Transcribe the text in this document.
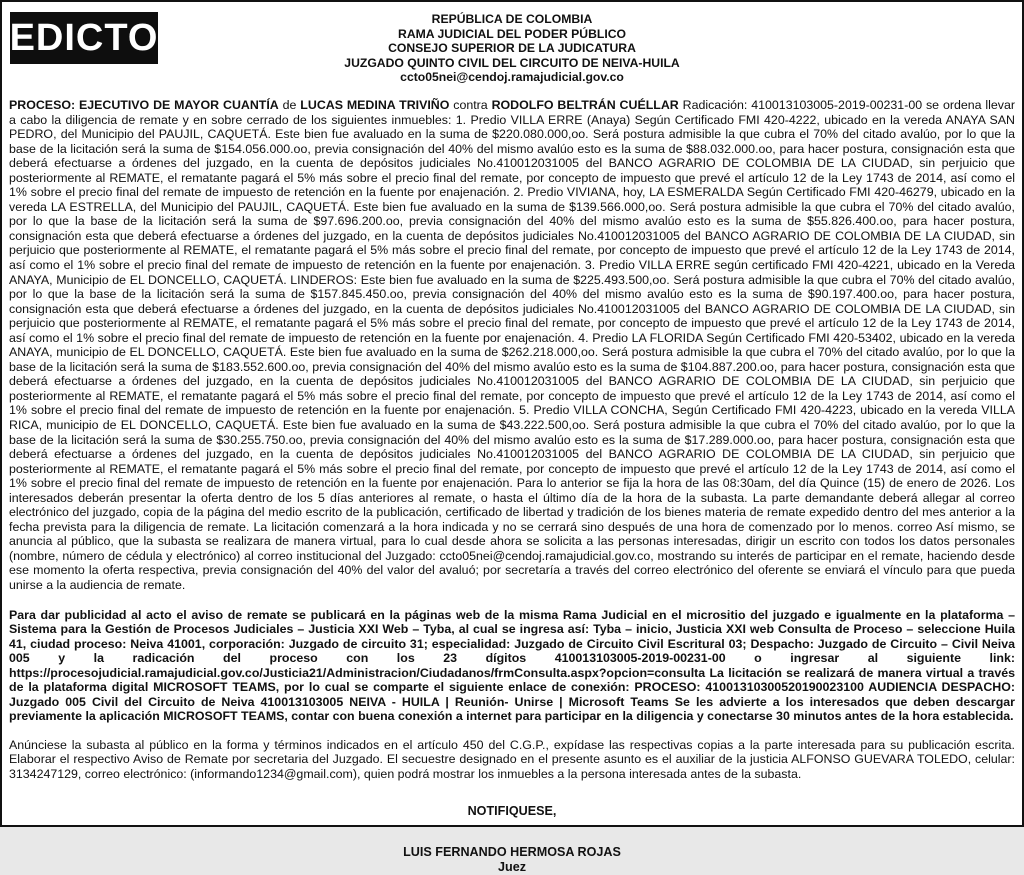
EDICTO	REPÚBLICA DE COLOMBIA
RAMA JUDICIAL DEL PODER PÚBLICO
CONSEJO SUPERIOR DE LA JUDICATURA
JUZGADO QUINTO CIVIL DEL CIRCUITO DE NEIVA-HUILA
ccto05nei@cendoj.ramajudicial.gov.co

PROCESO: EJECUTIVO DE MAYOR CUANTÍA de LUCAS MEDINA TRIVIÑO contra RODOLFO BELTRÁN CUÉLLAR Radicación: 410013103005-2019-00231-00 se ordena llevar a cabo la diligencia de remate y en sobre cerrado de los siguientes inmuebles: 1. Predio VILLA ERRE (Anaya) Según Certificado FMI 420-4222, ubicado en la vereda ANAYA SAN PEDRO, del Municipio del PAUJIL, CAQUETÁ. Este bien fue avaluado en la suma de $220.080.000,oo. Será postura admisible la que cubra el 70% del citado avalúo, por lo que la base de la licitación será la suma de $154.056.000.oo, previa consignación del 40% del mismo avalúo esto es la suma de $88.032.000.oo, para hacer postura, consignación esta que deberá efectuarse a órdenes del juzgado, en la cuenta de depósitos judiciales No.410012031005 del BANCO AGRARIO DE COLOMBIA DE LA CIUDAD, sin perjuicio que posteriormente al REMATE, el rematante pagará el 5% más sobre el precio final del remate, por concepto de impuesto que prevé el artículo 12 de la Ley 1743 de 2014, así como el 1% sobre el precio final del remate de impuesto de retención en la fuente por enajenación. 2. Predio VIVIANA, hoy, LA ESMERALDA Según Certificado FMI 420-46279, ubicado en la vereda LA ESTRELLA, del Municipio del PAUJIL, CAQUETÁ. Este bien fue avaluado en la suma de $139.566.000,oo. Será postura admisible la que cubra el 70% del citado avalúo, por lo que la base de la licitación será la suma de $97.696.200.oo, previa consignación del 40% del mismo avalúo esto es la suma de $55.826.400.oo, para hacer postura, consignación esta que deberá efectuarse a órdenes del juzgado, en la cuenta de depósitos judiciales No.410012031005 del BANCO AGRARIO DE COLOMBIA DE LA CIUDAD, sin perjuicio que posteriormente al REMATE, el rematante pagará el 5% más sobre el precio final del remate, por concepto de impuesto que prevé el artículo 12 de la Ley 1743 de 2014, así como el 1% sobre el precio final del remate de impuesto de retención en la fuente por enajenación. 3. Predio VILLA ERRE según certificado FMI 420-4221, ubicado en la Vereda ANAYA, Municipio de EL DONCELLO, CAQUETÁ. LINDEROS: Este bien fue avaluado en la suma de $225.493.500,oo. Será postura admisible la que cubra el 70% del citado avalúo, por lo que la base de la licitación será la suma de $157.845.450.oo, previa consignación del 40% del mismo avalúo esto es la suma de $90.197.400.oo, para hacer postura, consignación esta que deberá efectuarse a órdenes del juzgado, en la cuenta de depósitos judiciales No.410012031005 del BANCO AGRARIO DE COLOMBIA DE LA CIUDAD, sin perjuicio que posteriormente al REMATE, el rematante pagará el 5% más sobre el precio final del remate, por concepto de impuesto que prevé el artículo 12 de la Ley 1743 de 2014, así como el 1% sobre el precio final del remate de impuesto de retención en la fuente por enajenación. 4. Predio LA FLORIDA Según Certificado FMI 420-53402, ubicado en la vereda ANAYA, municipio de EL DONCELLO, CAQUETÁ. Este bien fue avaluado en la suma de $262.218.000,oo. Será postura admisible la que cubra el 70% del citado avalúo, por lo que la base de la licitación será la suma de $183.552.600.oo, previa consignación del 40% del mismo avalúo esto es la suma de $104.887.200.oo, para hacer postura, consignación esta que deberá efectuarse a órdenes del juzgado, en la cuenta de depósitos judiciales No.410012031005 del BANCO AGRARIO DE COLOMBIA DE LA CIUDAD, sin perjuicio que posteriormente al REMATE, el rematante pagará el 5% más sobre el precio final del remate, por concepto de impuesto que prevé el artículo 12 de la Ley 1743 de 2014, así como el 1% sobre el precio final del remate de impuesto de retención en la fuente por enajenación. 5. Predio VILLA CONCHA, Según Certificado FMI 420-4223, ubicado en la vereda VILLA RICA, municipio de EL DONCELLO, CAQUETÁ. Este bien fue avaluado en la suma de $43.222.500,oo. Será postura admisible la que cubra el 70% del citado avalúo, por lo que la base de la licitación será la suma de $30.255.750.oo, previa consignación del 40% del mismo avalúo esto es la suma de $17.289.000.oo, para hacer postura, consignación esta que deberá efectuarse a órdenes del juzgado, en la cuenta de depósitos judiciales No.410012031005 del BANCO AGRARIO DE COLOMBIA DE LA CIUDAD, sin perjuicio que posteriormente al REMATE, el rematante pagará el 5% más sobre el precio final del remate, por concepto de impuesto que prevé el artículo 12 de la Ley 1743 de 2014, así como el 1% sobre el precio final del remate de impuesto de retención en la fuente por enajenación. Para lo anterior se fija la hora de las 08:30am, del día Quince (15) de enero de 2026. Los interesados deberán presentar la oferta dentro de los 5 días anteriores al remate, o hasta el último día de la hora de la subasta. La parte demandante deberá allegar al correo electrónico del juzgado, copia de la página del medio escrito de la publicación, certificado de libertad y tradición de los bienes materia de remate expedido dentro del mes anterior a la fecha prevista para la diligencia de remate. La licitación comenzará a la hora indicada y no se cerrará sino después de una hora de comenzado por lo menos. correo Así mismo, se anuncia al público, que la subasta se realizara de manera virtual, para lo cual desde ahora se solicita a las personas interesadas, dirigir un escrito con todos los datos personales (nombre, número de cédula y electrónico) al correo institucional del Juzgado: ccto05nei@cendoj.ramajudicial.gov.co, mostrando su interés de participar en el remate, haciendo desde ese momento la oferta respectiva, previa consignación del 40% del valor del avaluó; por secretaría a través del correo electrónico del oferente se enviará el vínculo para que pueda unirse a la audiencia de remate.

Para dar publicidad al acto el aviso de remate se publicará en la páginas web de la misma Rama Judicial en el micrositio del juzgado e igualmente en la plataforma – Sistema para la Gestión de Procesos Judiciales – Justicia XXI Web – Tyba, al cual se ingresa así: Tyba – inicio, Justicia XXI web Consulta de Proceso – seleccione Huila 41, ciudad proceso: Neiva 41001, corporación: Juzgado de circuito 31; especialidad: Juzgado de Circuito Civil Escritural 03; Despacho: Juzgado de Circuito – Civil Neiva 005 y la radicación del proceso con los 23 dígitos 410013103005-2019-00231-00 o ingresar al siguiente link: https://procesojudicial.ramajudicial.gov.co/Justicia21/Administracion/Ciudadanos/frmConsulta.aspx?opcion=consulta La licitación se realizará de manera virtual a través de la plataforma digital MICROSOFT TEAMS, por lo cual se comparte el siguiente enlace de conexión: PROCESO: 41001310300520190023100 AUDIENCIA DESPACHO: Juzgado 005 Civil del Circuito de Neiva 410013103005 NEIVA - HUILA | Reunión- Unirse | Microsoft Teams Se les advierte a los interesados que deben descargar previamente la aplicación MICROSOFT TEAMS, contar con buena conexión a internet para participar en la diligencia y conectarse 30 minutos antes de la hora establecida.

Anúnciese la subasta al público en la forma y términos indicados en el artículo 450 del C.G.P., expídase las respectivas copias a la parte interesada para su publicación escrita. Elaborar el respectivo Aviso de Remate por secretaria del Juzgado. El secuestre designado en el presente asunto es el auxiliar de la justicia ALFONSO GUEVARA TOLEDO, celular: 3134247129, correo electrónico: (informando1234@gmail.com), quien podrá mostrar los inmuebles a la persona interesada antes de la subasta.

NOTIFIQUESE,
LUIS FERNANDO HERMOSA ROJAS
Juez
